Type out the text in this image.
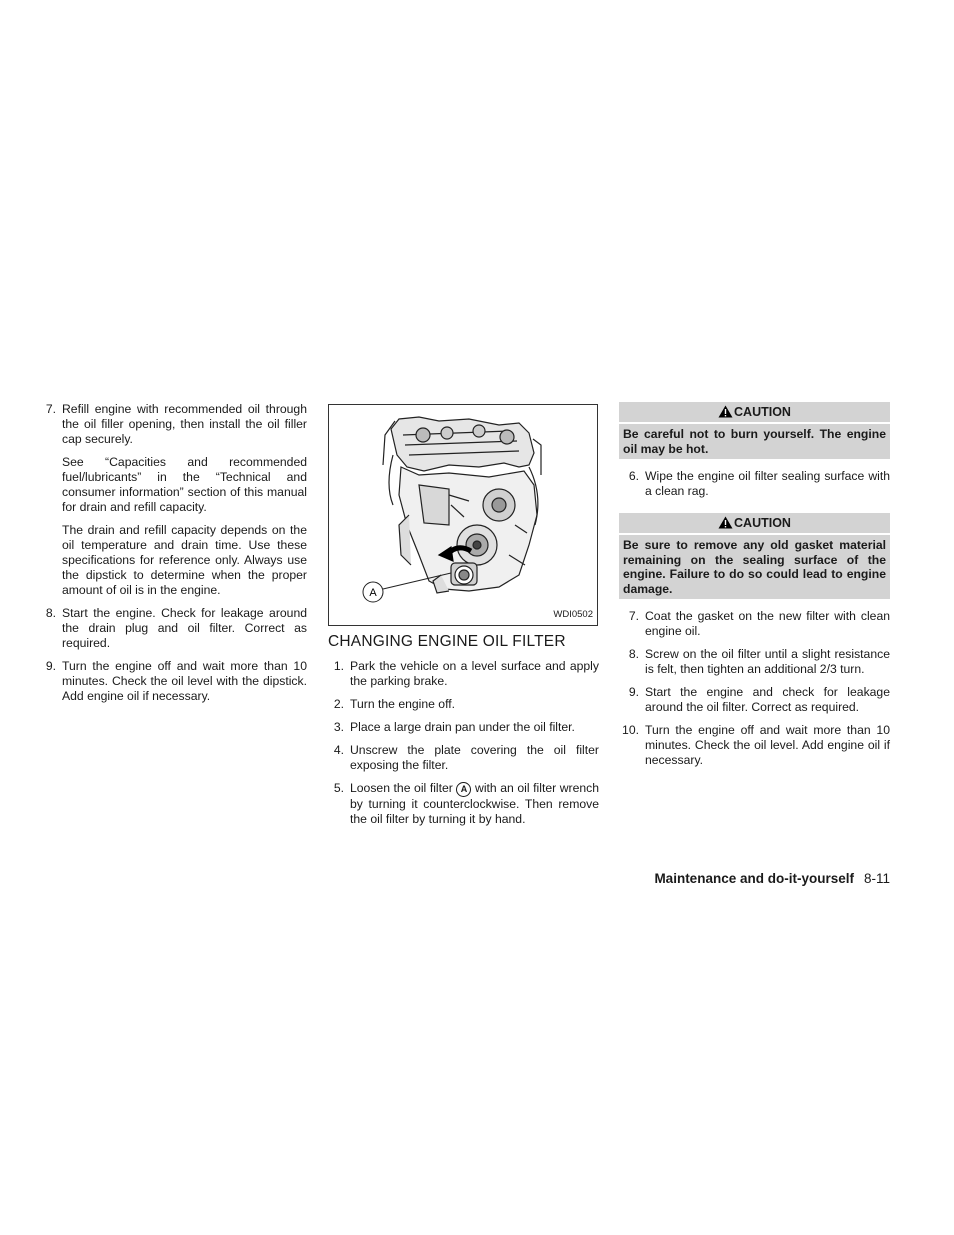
7. Refill engine with recommended oil through the oil filler opening, then install the oil filler cap securely.
See “Capacities and recommended fuel/lubricants” in the “Technical and consumer information” section of this manual for drain and refill capacity.
The drain and refill capacity depends on the oil temperature and drain time. Use these specifications for reference only. Always use the dipstick to determine when the proper amount of oil is in the engine.
8. Start the engine. Check for leakage around the drain plug and oil filter. Correct as required.
9. Turn the engine off and wait more than 10 minutes. Check the oil level with the dipstick. Add engine oil if necessary.
A
WDI0502
CHANGING ENGINE OIL FILTER
1. Park the vehicle on a level surface and apply the parking brake.
2. Turn the engine off.
3. Place a large drain pan under the oil filter.
4. Unscrew the plate covering the oil filter exposing the filter.
5. Loosen the oil filter A with an oil filter wrench by turning it counterclockwise. Then remove the oil filter by turning it by hand.
CAUTION
Be careful not to burn yourself. The engine oil may be hot.
6. Wipe the engine oil filter sealing surface with a clean rag.
CAUTION
Be sure to remove any old gasket material remaining on the sealing surface of the engine. Failure to do so could lead to engine damage.
7. Coat the gasket on the new filter with clean engine oil.
8. Screw on the oil filter until a slight resistance is felt, then tighten an additional 2/3 turn.
9. Start the engine and check for leakage around the oil filter. Correct as required.
10. Turn the engine off and wait more than 10 minutes. Check the oil level. Add engine oil if necessary.
Maintenance and do-it-yourself 8-11
